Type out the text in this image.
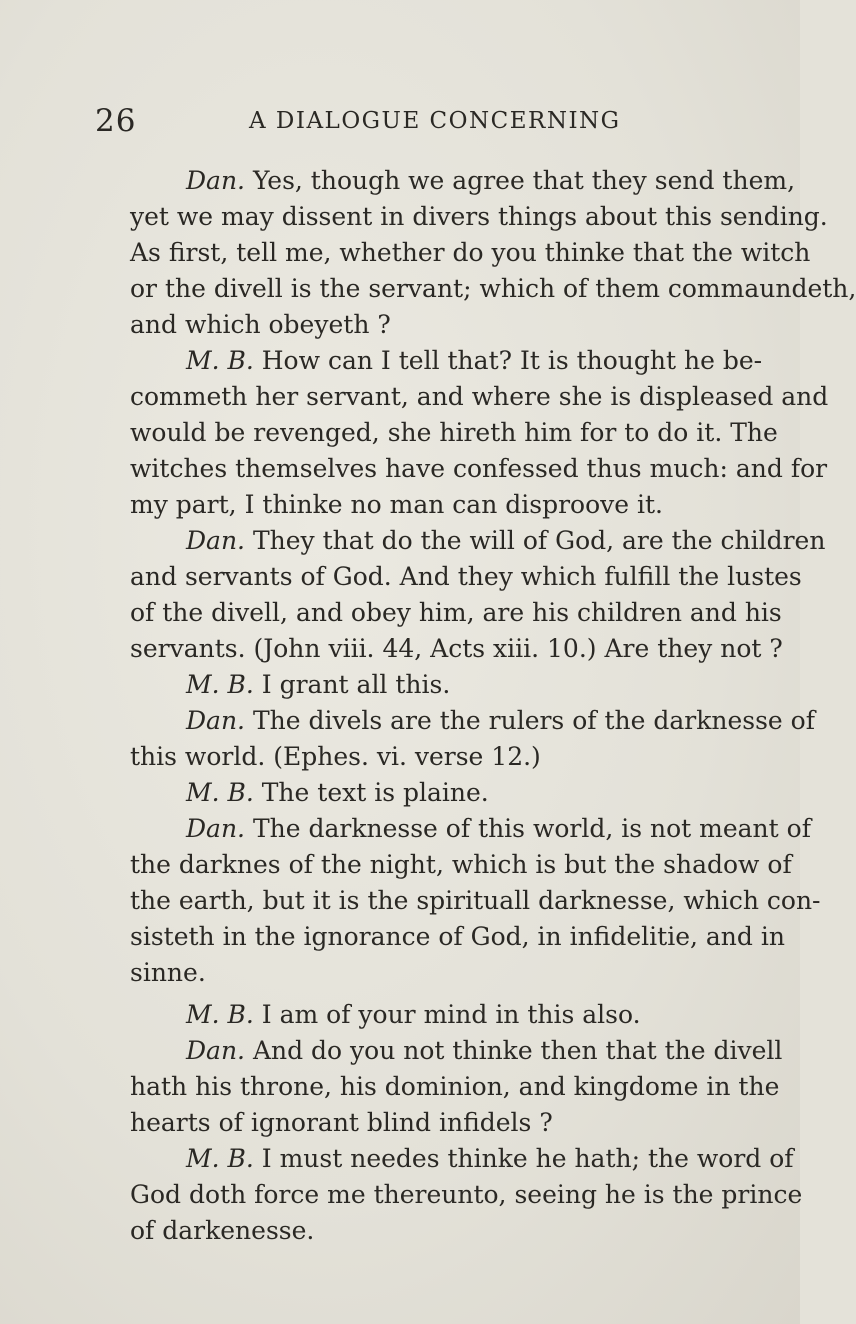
26	A DIALOGUE CONCERNING
Dan. Yes, though we agree that they send them,
yet we may dissent in divers things about this sending.
As first, tell me, whether do you thinke that the witch
or the divell is the servant; which of them commaundeth,
and which obeyeth ?
M. B. How can I tell that? It is thought he be-
commeth her servant, and where she is displeased and
would be revenged, she hireth him for to do it. The
witches themselves have confessed thus much: and for
my part, I thinke no man can disproove it.
Dan. They that do the will of God, are the children
and servants of God. And they which fulfill the lustes
of the divell, and obey him, are his children and his
servants. (John viii. 44, Acts xiii. 10.) Are they not ?
M. B. I grant all this.
Dan. The divels are the rulers of the darknesse of
this world. (Ephes. vi. verse 12.)
M. B. The text is plaine.
Dan. The darknesse of this world, is not meant of
the darknes of the night, which is but the shadow of
the earth, but it is the spirituall darknesse, which con-
sisteth in the ignorance of God, in infidelitie, and in
sinne.
M. B. I am of your mind in this also.
Dan. And do you not thinke then that the divell
hath his throne, his dominion, and kingdome in the
hearts of ignorant blind infidels ?
M. B. I must needes thinke he hath; the word of
God doth force me thereunto, seeing he is the prince
of darkenesse.
